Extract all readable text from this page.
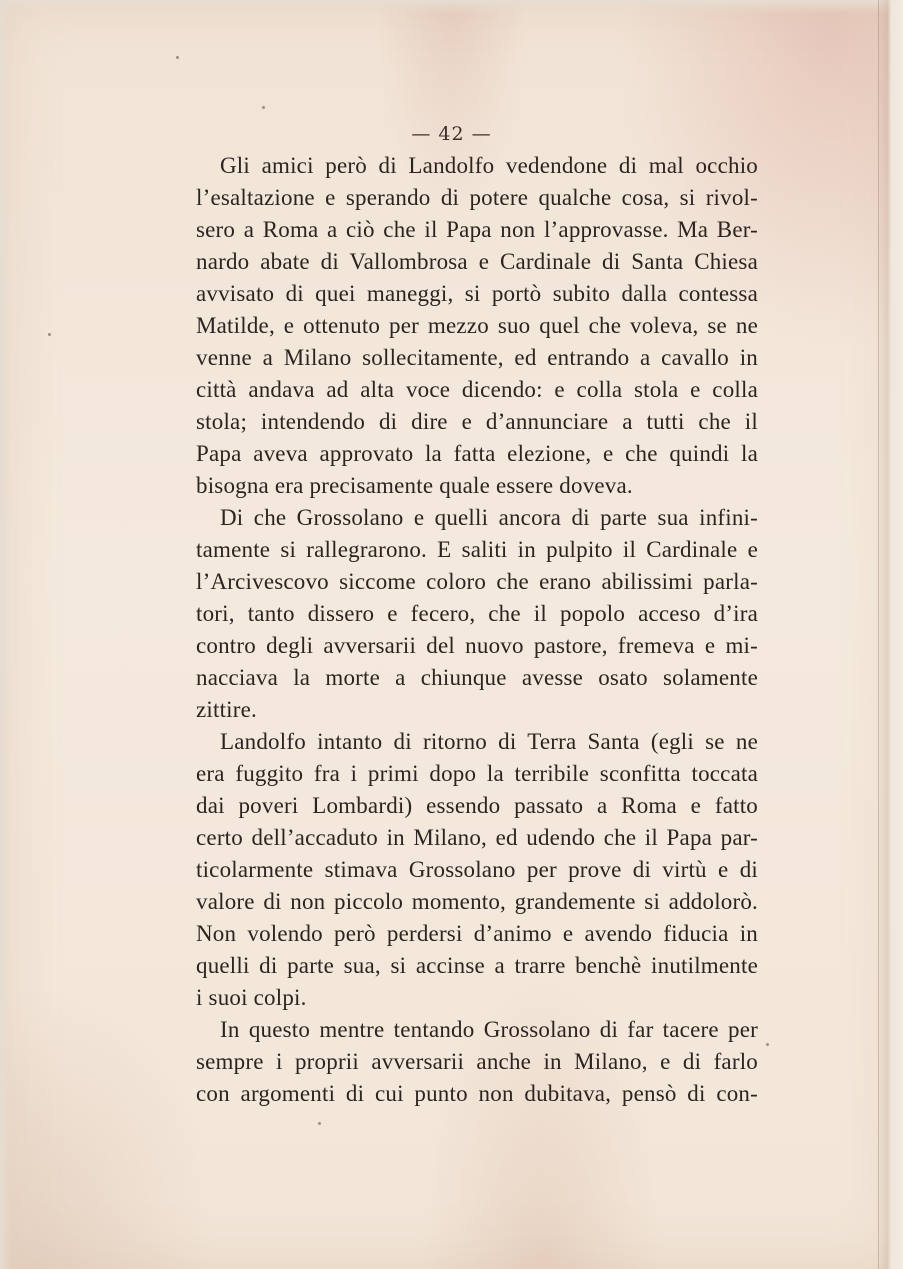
— 42 —
Gli amici però di Landolfo vedendone di mal occhio
l’esaltazione e sperando di potere qualche cosa, si rivol-
sero a Roma a ciò che il Papa non l’approvasse. Ma Ber-
nardo abate di Vallombrosa e Cardinale di Santa Chiesa
avvisato di quei maneggi, si portò subito dalla contessa
Matilde, e ottenuto per mezzo suo quel che voleva, se ne
venne a Milano sollecitamente, ed entrando a cavallo in
città andava ad alta voce dicendo: e colla stola e colla
stola; intendendo di dire e d’annunciare a tutti che il
Papa aveva approvato la fatta elezione, e che quindi la
bisogna era precisamente quale essere doveva.
Di che Grossolano e quelli ancora di parte sua infini-
tamente si rallegrarono. E saliti in pulpito il Cardinale e
l’Arcivescovo siccome coloro che erano abilissimi parla-
tori, tanto dissero e fecero, che il popolo acceso d’ira
contro degli avversarii del nuovo pastore, fremeva e mi-
nacciava la morte a chiunque avesse osato solamente
zittire.
Landolfo intanto di ritorno di Terra Santa (egli se ne
era fuggito fra i primi dopo la terribile sconfitta toccata
dai poveri Lombardi) essendo passato a Roma e fatto
certo dell’accaduto in Milano, ed udendo che il Papa par-
ticolarmente stimava Grossolano per prove di virtù e di
valore di non piccolo momento, grandemente si addolorò.
Non volendo però perdersi d’animo e avendo fiducia in
quelli di parte sua, si accinse a trarre benchè inutilmente
i suoi colpi.
In questo mentre tentando Grossolano di far tacere per
sempre i proprii avversarii anche in Milano, e di farlo
con argomenti di cui punto non dubitava, pensò di con-
